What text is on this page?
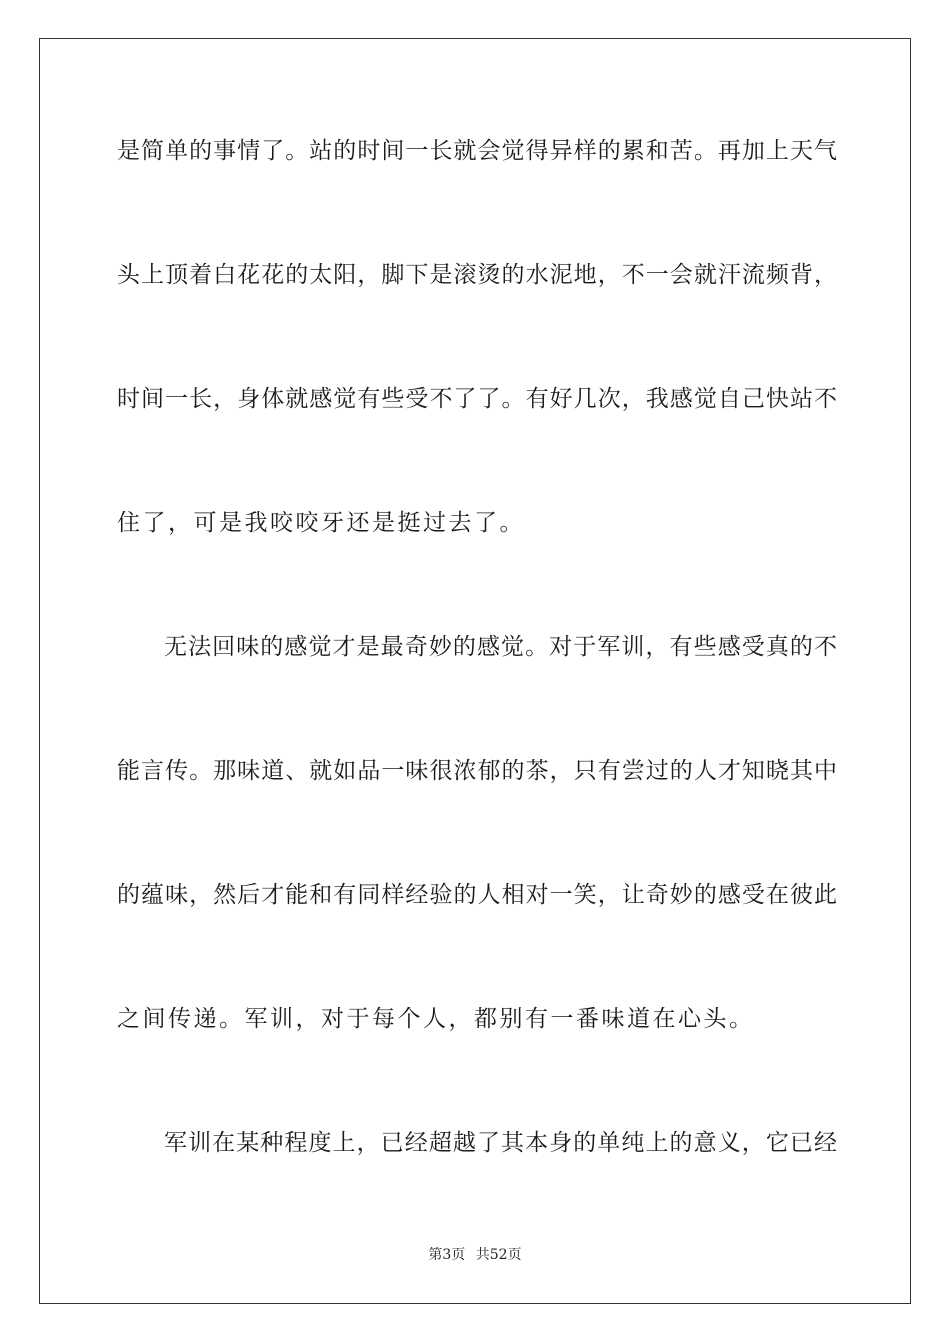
是简单的事情了。站的时间一长就会觉得异样的累和苦。再加上天气
头上顶着白花花的太阳，脚下是滚烫的水泥地，不一会就汗流频背，
时间一长，身体就感觉有些受不了了。有好几次，我感觉自己快站不
住了，可是我咬咬牙还是挺过去了。
无法回味的感觉才是最奇妙的感觉。对于军训，有些感受真的不
能言传。那味道、就如品一味很浓郁的茶，只有尝过的人才知晓其中
的蕴味，然后才能和有同样经验的人相对一笑，让奇妙的感受在彼此
之间传递。军训，对于每个人，都别有一番味道在心头。
军训在某种程度上，已经超越了其本身的单纯上的意义，它已经
第3页 共52页
